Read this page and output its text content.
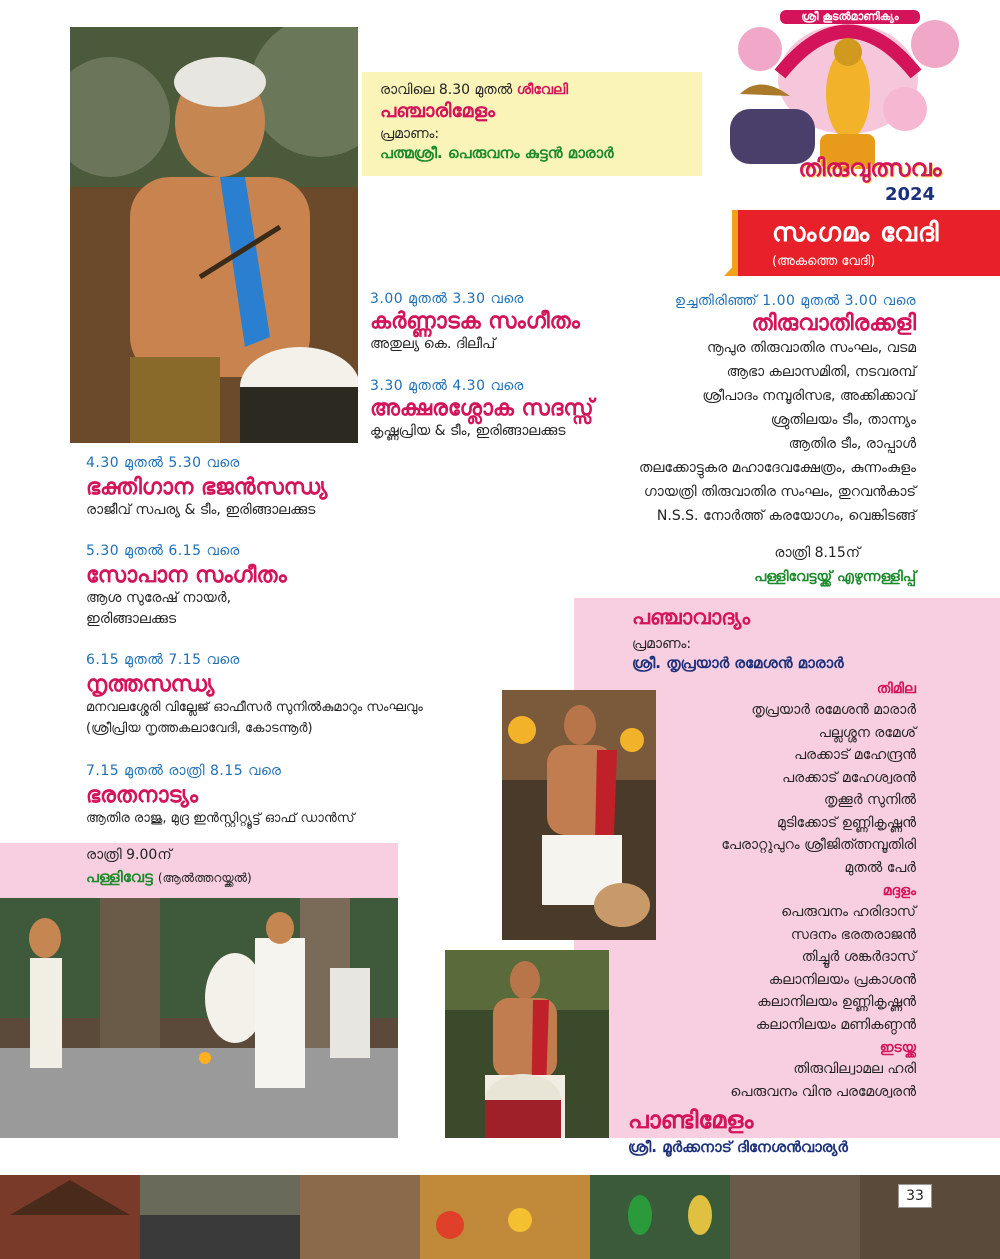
രാവിലെ 8.30 മുതൽ ശീവേലി
പഞ്ചാരിമേളം
പ്രമാണം:
പത്മശ്രീ. പെരുവനം കുട്ടൻ മാരാർ
ശ്രീ കൂടൽമാണിക്യം
തിരുവുത്സവം
2024
സംഗമം വേദി
(അകത്തെ വേദി)
3.00 മുതൽ 3.30 വരെ
കർണ്ണാടക സംഗീതം
അതുല്യ കെ. ദിലീപ്
3.30 മുതൽ 4.30 വരെ
അക്ഷരശ്ലോക സദസ്സ്
കൃഷ്ണപ്രിയ & ടീം, ഇരിങ്ങാലക്കുട
4.30 മുതൽ 5.30 വരെ
ഭക്തിഗാന ഭജൻസന്ധ്യ
രാജീവ് സപര്യ & ടീം, ഇരിങ്ങാലക്കുട
5.30 മുതൽ 6.15 വരെ
സോപാന സംഗീതം
ആശ സുരേഷ് നായർ,
ഇരിങ്ങാലക്കുട
6.15 മുതൽ 7.15 വരെ
നൃത്തസന്ധ്യ
മനവലശ്ശേരി വില്ലേജ് ഓഫീസർ സുനിൽകുമാറും സംഘവും
(ശ്രീപ്രിയ നൃത്തകലാവേദി, കോടന്നൂർ)
7.15 മുതൽ രാത്രി 8.15 വരെ
ഭരതനാട്യം
ആതിര രാജു, മുദ്ര ഇൻസ്റ്റിറ്റ്യൂട്ട് ഓഫ് ഡാൻസ്
രാത്രി 9.00ന്
പള്ളിവേട്ട (ആൽത്തറയ്ക്കൽ)
ഉച്ചതിരിഞ്ഞ് 1.00 മുതൽ 3.00 വരെ
തിരുവാതിരക്കളി
നൂപുര തിരുവാതിര സംഘം, വടമ
ആഭാ കലാസമിതി, നടവരമ്പ്
ശ്രീപാദം നമ്പൂരിസഭ, അക്കിക്കാവ്
ശ്രുതിലയം ടീം, താന്ന്യം
ആതിര ടീം, രാപ്പാൾ
തലക്കോട്ടുകര മഹാദേവക്ഷേത്രം, കുന്നംകുളം
ഗായത്രി തിരുവാതിര സംഘം, തുറവൻകാട്
N.S.S. നോർത്ത് കരയോഗം, വെങ്കിടങ്ങ്
രാത്രി 8.15ന്
പള്ളിവേട്ടയ്ക്ക് എഴുന്നള്ളിപ്പ്
പഞ്ചാവാദ്യം
പ്രമാണം:
ശ്രീ. തൃപ്രയാർ രമേശൻ മാരാർ
തിമില
തൃപ്രയാർ രമേശൻ മാരാർ
പല്ലശ്ശന രമേശ്
പരക്കാട് മഹേന്ദ്രൻ
പരക്കാട് മഹേശ്വരൻ
തൃക്കൂർ സുനിൽ
മുടിക്കോട് ഉണ്ണികൃഷ്ണൻ
പേരാറ്റുപുറം ശ്രീജിത്ത്നമ്പൂതിരി
മുതൽ പേർ
മദ്ദളം
പെരുവനം ഹരിദാസ്
സദനം ഭരതരാജൻ
തിച്ചൂർ ശങ്കർദാസ്
കലാനിലയം പ്രകാശൻ
കലാനിലയം ഉണ്ണികൃഷ്ണൻ
കലാനിലയം മണികണ്ഠൻ
ഇടയ്ക്ക
തിരുവില്വാമല ഹരി
പെരുവനം വിനു പരമേശ്വരൻ
പാണ്ടിമേളം
ശ്രീ. മൂർക്കനാട് ദിനേശൻവാര്യർ
33
